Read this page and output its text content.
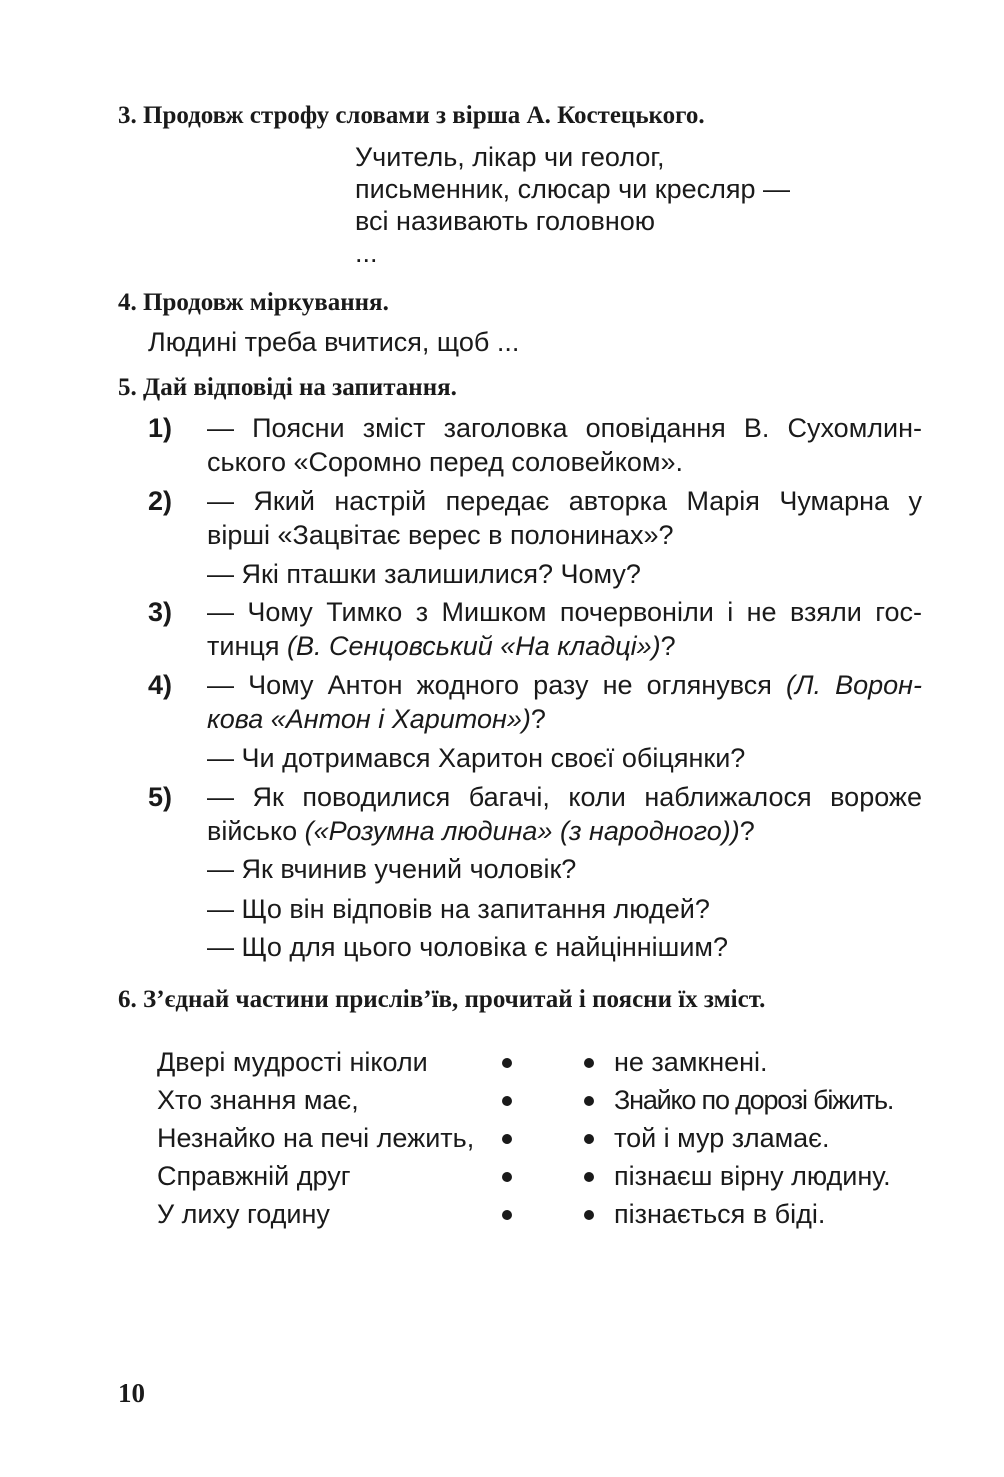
3. Продовж строфу словами з вірша А. Костецького.
Учитель, лікар чи геолог,
письменник, слюсар чи кресляр —
всі називають головною
...
4. Продовж міркування.
Людині треба вчитися, щоб ...
5. Дай відповіді на запитання.
1) — Поясни зміст заголовка оповідання В. Сухомлин-
ського «Соромно перед соловейком».
2) — Який настрій передає авторка Марія Чумарна у
вірші «Зацвітає верес в полонинах»?
— Які пташки залишилися? Чому?
3) — Чому Тимко з Мишком почервоніли і не взяли гос-
тинця (В. Сенцовський «На кладці»)?
4) — Чому Антон жодного разу не оглянувся (Л. Ворон-
кова «Антон і Харитон»)?
— Чи дотримався Харитон своєї обіцянки?
5) — Як поводилися багачі, коли наближалося вороже
військо («Розумна людина» (з народного))?
— Як вчинив учений чоловік?
— Що він відповів на запитання людей?
— Що для цього чоловіка є найціннішим?
6. З’єднай частини прислів’їв, прочитай і поясни їх зміст.
Двері мудрості ніколи
Хто знання має,
Незнайко на печі лежить,
Справжній друг
У лиху годину
не замкнені.
Знайко по дорозі біжить.
той і мур зламає.
пізнаєш вірну людину.
пізнається в біді.
10
